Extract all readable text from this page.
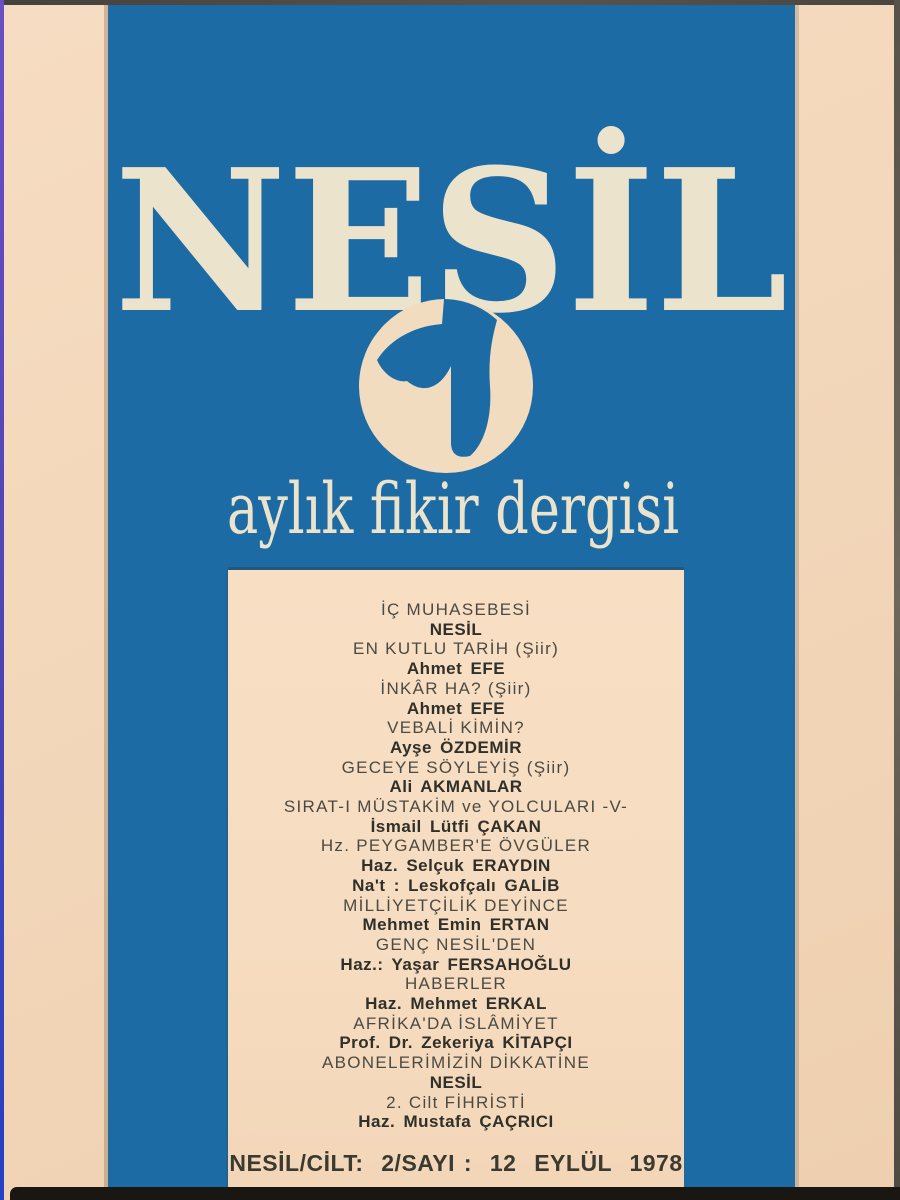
NESİL
aylık fikir dergisi
İÇ MUHASEBESİ
NESİL
EN KUTLU TARİH (Şiir)
Ahmet EFE
İNKÂR HA? (Şiir)
Ahmet EFE
VEBALİ KİMİN?
Ayşe ÖZDEMİR
GECEYE SÖYLEYİŞ (Şiir)
Ali AKMANLAR
SIRAT-I MÜSTAKİM ve YOLCULARI -V-
İsmail Lütfi ÇAKAN
Hz. PEYGAMBER'E ÖVGÜLER
Haz. Selçuk ERAYDIN
Na't : Leskofçalı GALİB
MİLLİYETÇİLİK DEYİNCE
Mehmet Emin ERTAN
GENÇ NESİL'DEN
Haz.: Yaşar FERSAHOĞLU
HABERLER
Haz. Mehmet ERKAL
AFRİKA'DA İSLÂMİYET
Prof. Dr. Zekeriya KİTAPÇI
ABONELERİMİZİN DİKKATİNE
NESİL
2. Cilt FİHRİSTİ
Haz. Mustafa ÇAÇRICI
NESİL/CİLT:  2/SAYI :  12  EYLÜL  1978
